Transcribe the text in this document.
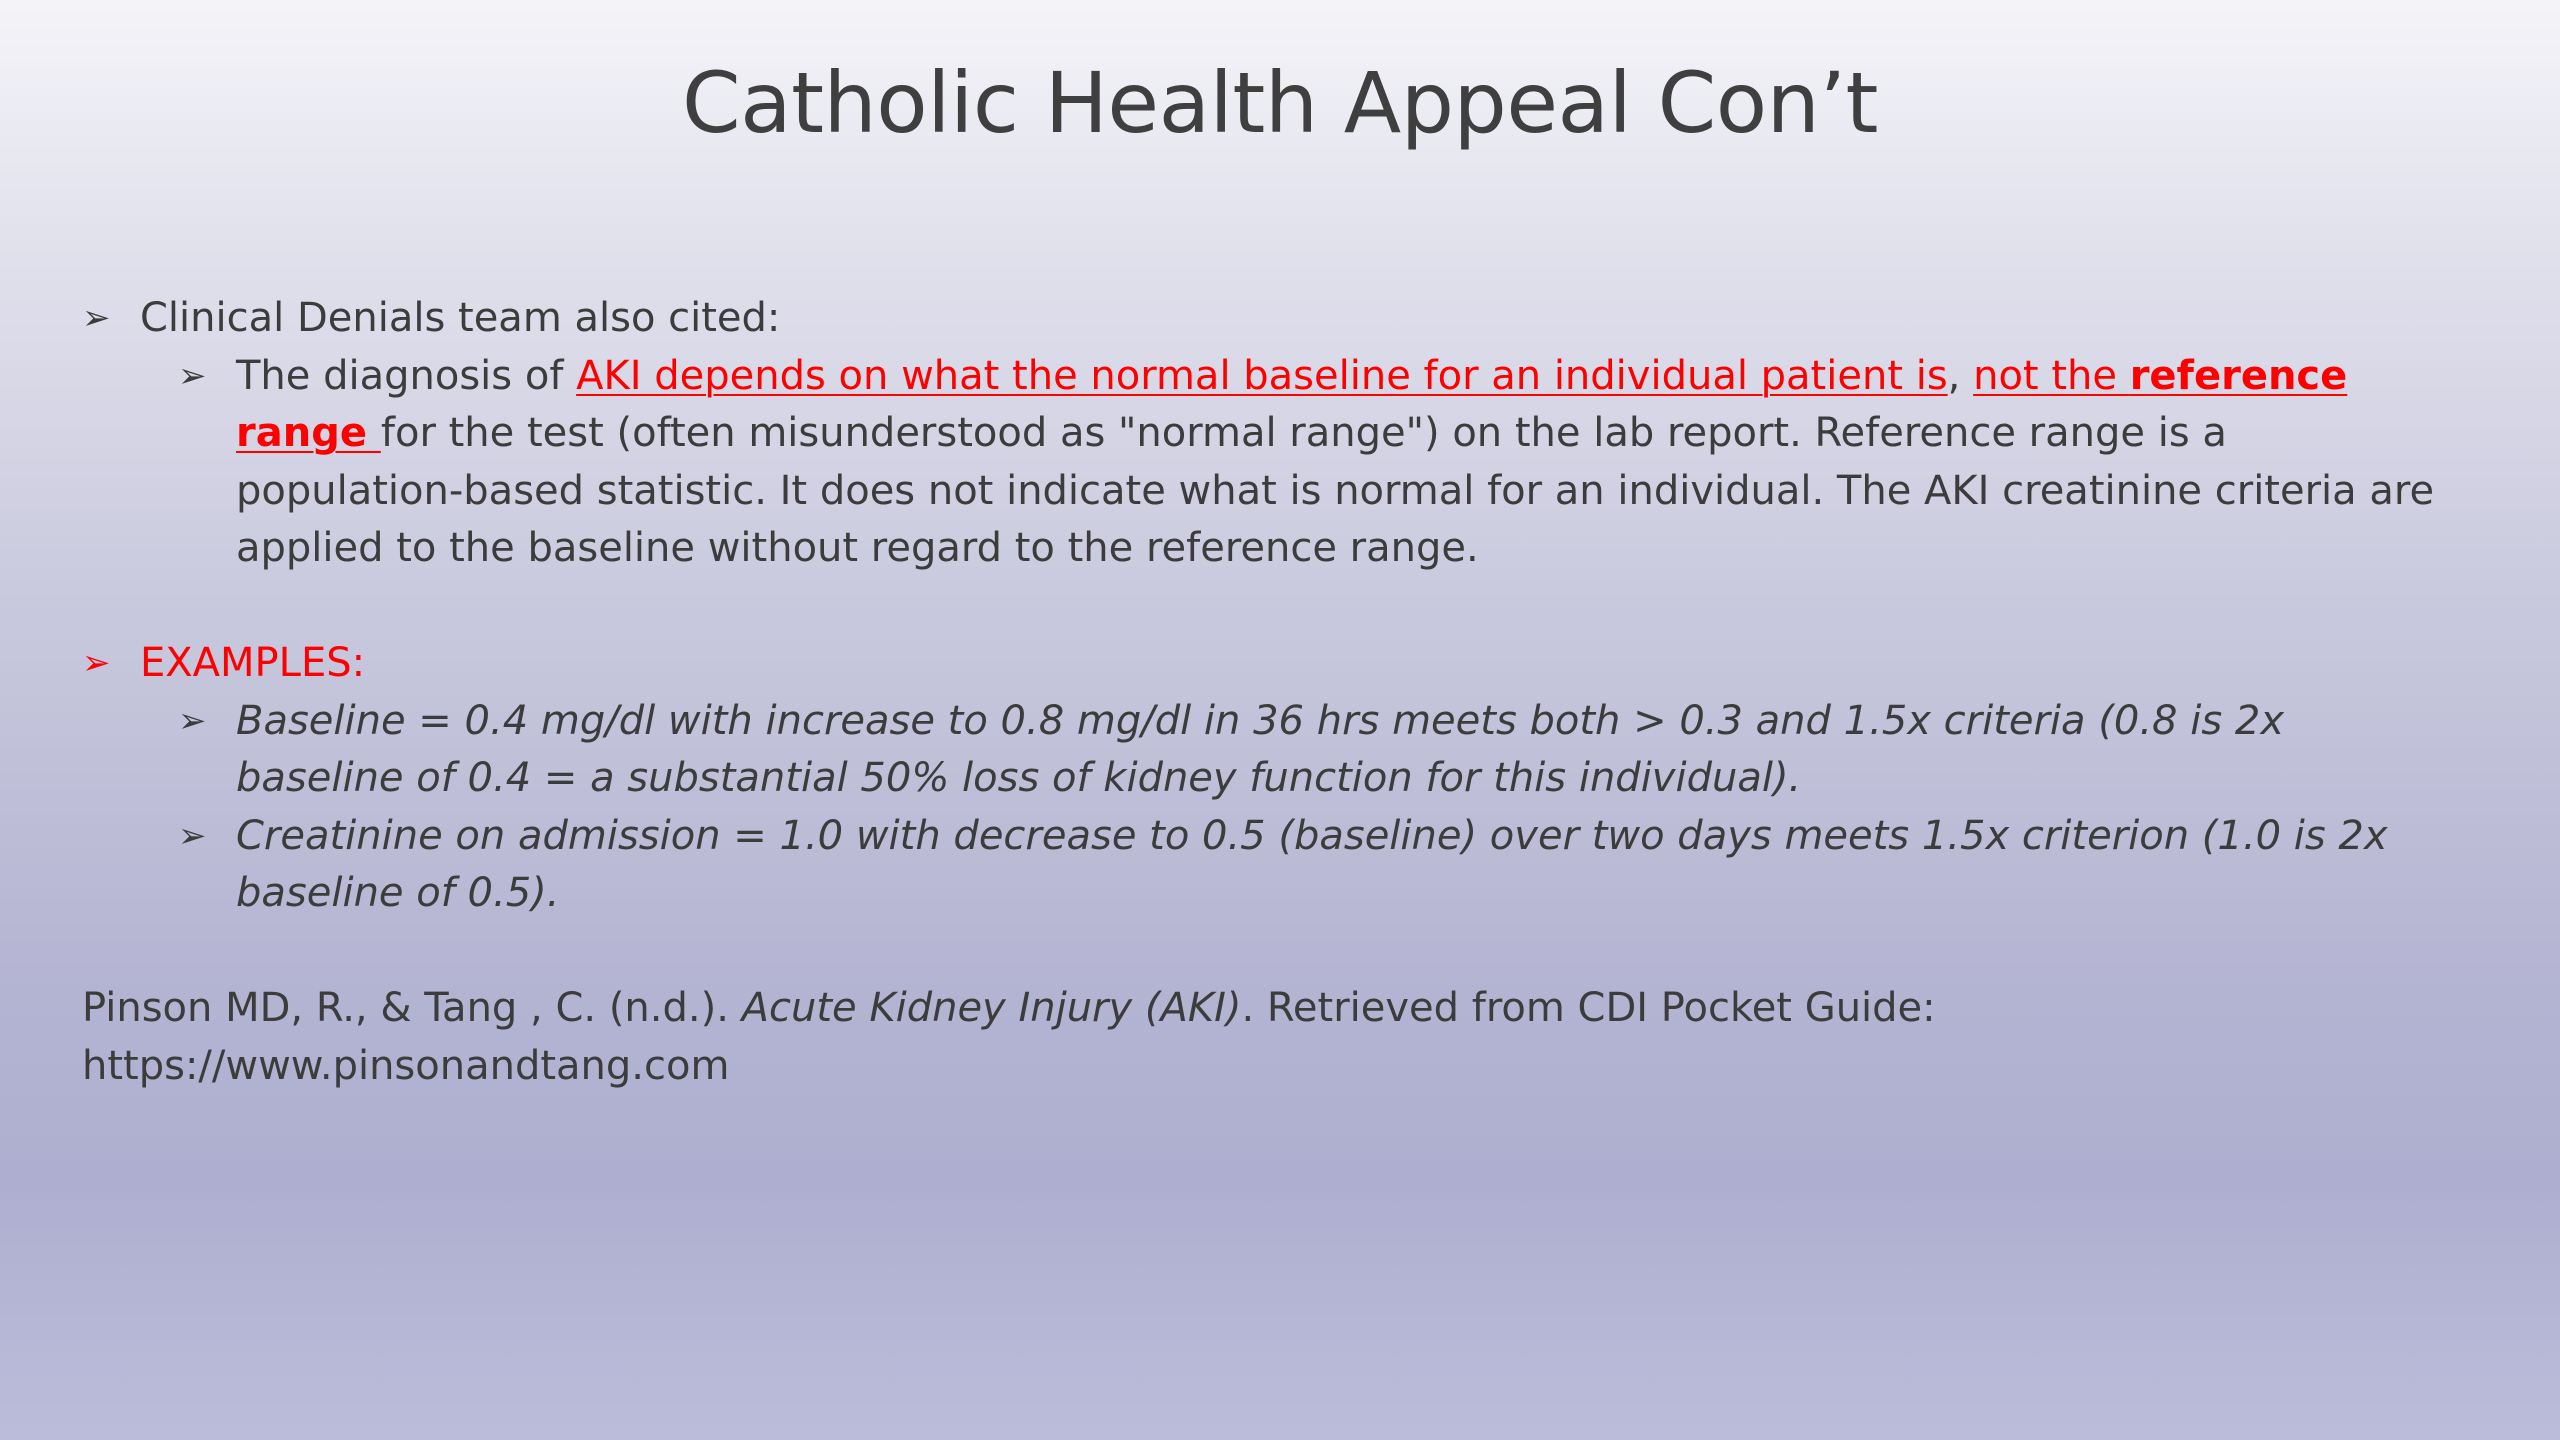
Catholic Health Appeal Con’t
➢ Clinical Denials team also cited:
➢ The diagnosis of AKI depends on what the normal baseline for an individual patient is, not the reference range for the test (often misunderstood as "normal range") on the lab report. Reference range is a population-based statistic. It does not indicate what is normal for an individual. The AKI creatinine criteria are applied to the baseline without regard to the reference range.
➢ EXAMPLES:
➢ Baseline = 0.4 mg/dl with increase to 0.8 mg/dl in 36 hrs meets both > 0.3 and 1.5x criteria (0.8 is 2x baseline of 0.4 = a substantial 50% loss of kidney function for this individual).
➢ Creatinine on admission = 1.0 with decrease to 0.5 (baseline) over two days meets 1.5x criterion (1.0 is 2x baseline of 0.5).
Pinson MD, R., & Tang , C. (n.d.). Acute Kidney Injury (AKI). Retrieved from CDI Pocket Guide:
https://www.pinsonandtang.com
